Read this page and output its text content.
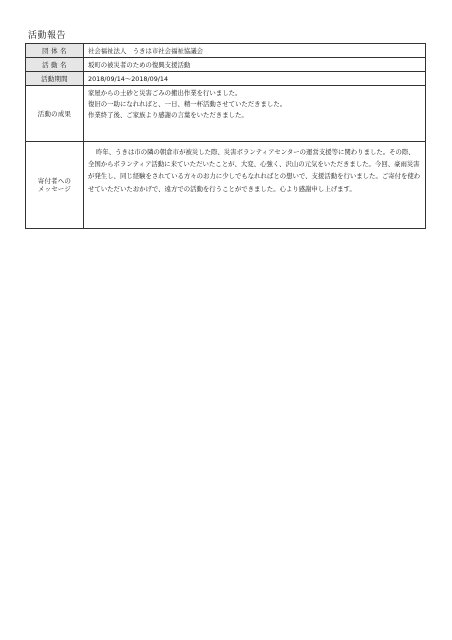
活動報告
団 体 名	社会福祉法人　うきは市社会福祉協議会
活 動 名	坂町の被災者のための復興支援活動
活動期間	2018/09/14～2018/09/14
活動の成果	家屋からの土砂と災害ごみの搬出作業を行いました。
復旧の一助になれればと、一日、精一杯活動させていただきました。
作業終了後、ご家族より感謝の言葉をいただきました。

寄付者への
メッセージ	昨年、うきは市の隣の朝倉市が被災した際、災害ボランティアセンターの運営支援等に関わりました。その際、全国からボランティア活動に来ていただいたことが、大変、心強く、沢山の元気をいただきました。今回、豪雨災害が発生し、同じ経験をされている方々のお力に少しでもなれればとの想いで、支援活動を行いました。ご寄付を使わせていただいたおかげで、遠方での活動を行うことができました。心より感謝申し上げます。
